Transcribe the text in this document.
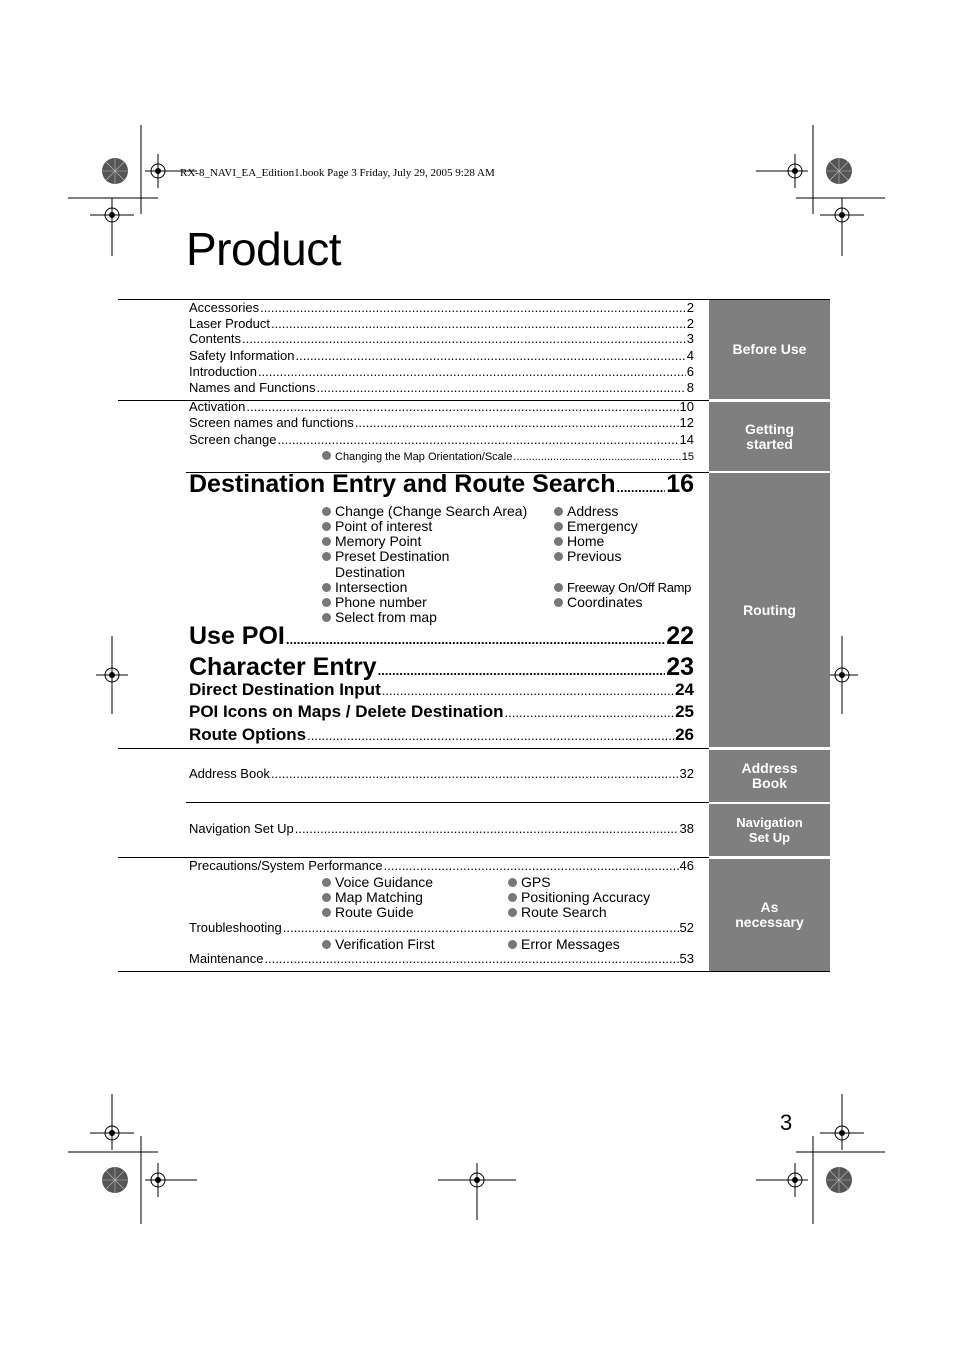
RX-8_NAVI_EA_Edition1.book Page 3 Friday, July 29, 2005 9:28 AM
Product
Before Use
Getting
started
Routing
Address
Book
Navigation
Set Up
As
necessary
Accessories .....	2
Laser Product .....	2
Contents .....	3
Safety Information .....	4
Introduction .....	6
Names and Functions .....	8
Activation .....	10
Screen names and functions .....	12
Screen change .....	14
Changing the Map Orientation/Scale .....	15
Destination Entry and Route Search ..... 16
Change (Change Search Area)
Point of interest
Memory Point
Preset Destination
Destination
Intersection
Phone number
Select from map
Address
Emergency
Home
Previous
Freeway On/Off Ramp
Coordinates
Use POI .....	22
Character Entry .....	23
Direct Destination Input .....	24
POI Icons on Maps / Delete Destination .....	25
Route Options .....	26
Address Book .....	32
Navigation Set Up .....	38
Precautions/System Performance .....	46
Voice Guidance
Map Matching
Route Guide
GPS
Positioning Accuracy
Route Search
Troubleshooting .....	52
Verification First	Error Messages
Maintenance .....	53
3
